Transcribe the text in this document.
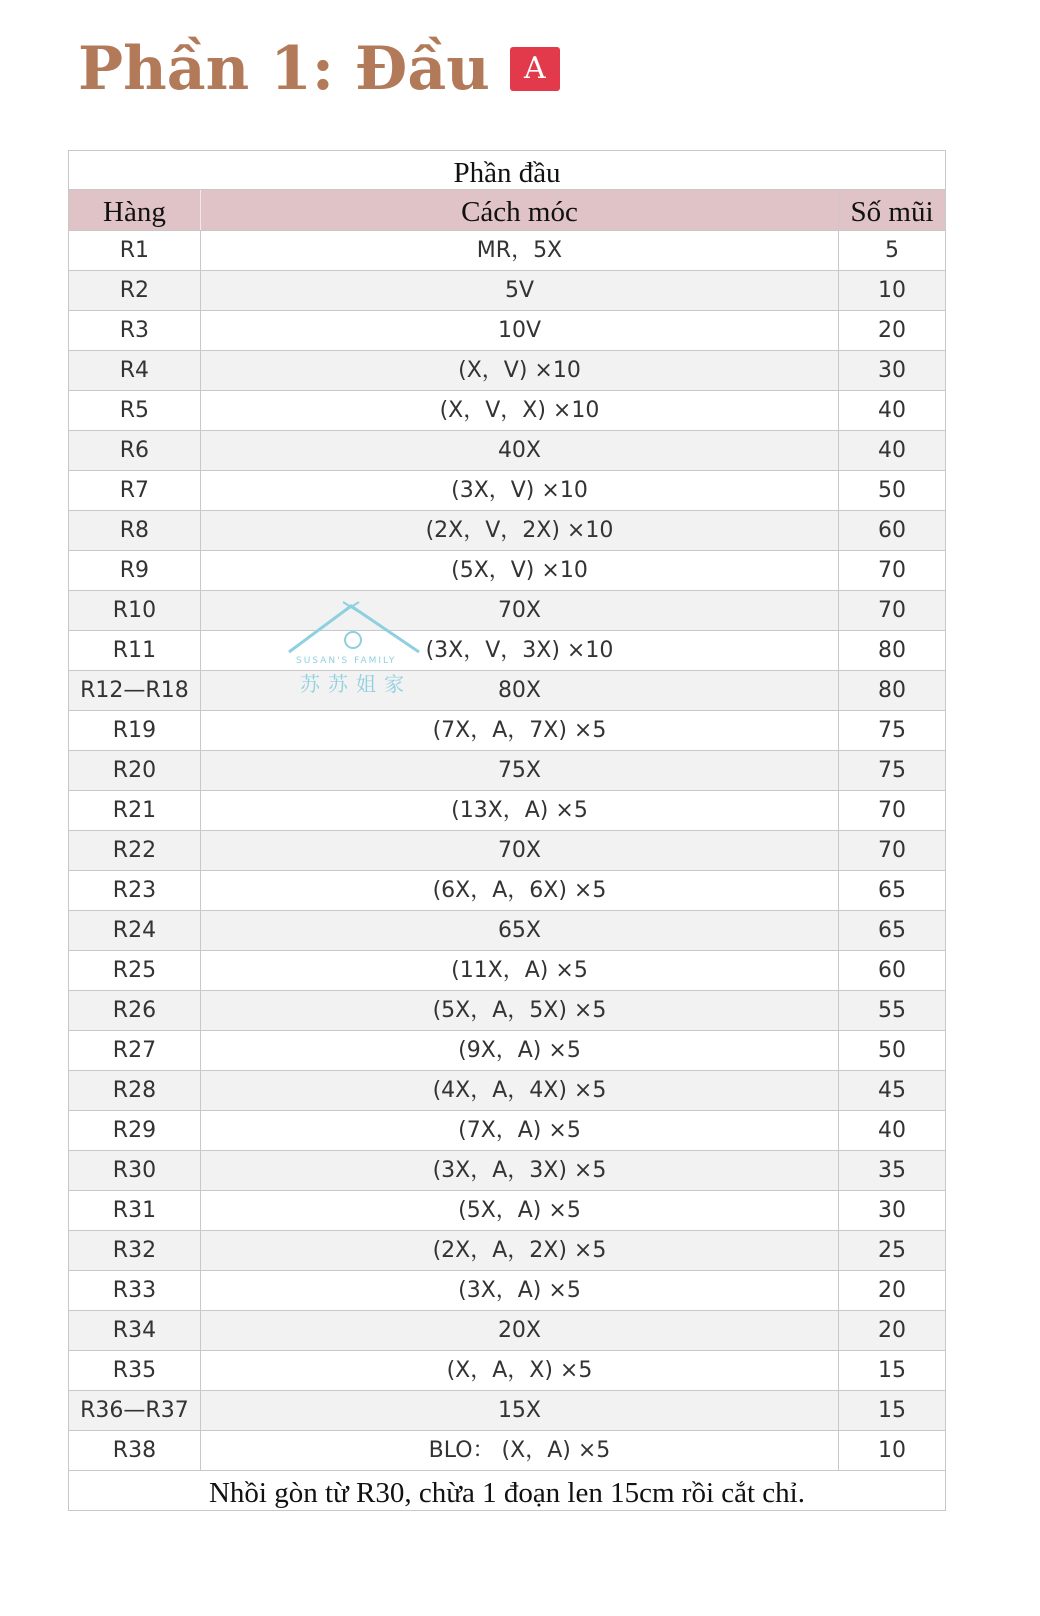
Phần 1: Đầu	A
Phần đầu
Hàng	Cách móc	Số mũi
R1	MR，5X	5
R2	5V	10
R3	10V	20
R4	(X，V) ×10	30
R5	(X，V，X) ×10	40
R6	40X	40
R7	(3X，V) ×10	50
R8	(2X，V，2X) ×10	60
R9	(5X，V) ×10	70
R10	70X	70
R11	(3X，V，3X) ×10	80
R12—R18	80X	80
R19	(7X，A，7X) ×5	75
R20	75X	75
R21	(13X，A) ×5	70
R22	70X	70
R23	(6X，A，6X) ×5	65
R24	65X	65
R25	(11X，A) ×5	60
R26	(5X，A，5X) ×5	55
R27	(9X，A) ×5	50
R28	(4X，A，4X) ×5	45
R29	(7X，A) ×5	40
R30	(3X，A，3X) ×5	35
R31	(5X，A) ×5	30
R32	(2X，A，2X) ×5	25
R33	(3X，A) ×5	20
R34	20X	20
R35	(X，A，X) ×5	15
R36—R37	15X	15
R38	BLO： (X，A) ×5	10
Nhồi gòn từ R30, chừa 1 đoạn len 15cm rồi cắt chỉ.
SUSAN'S FAMILY
苏苏姐家
